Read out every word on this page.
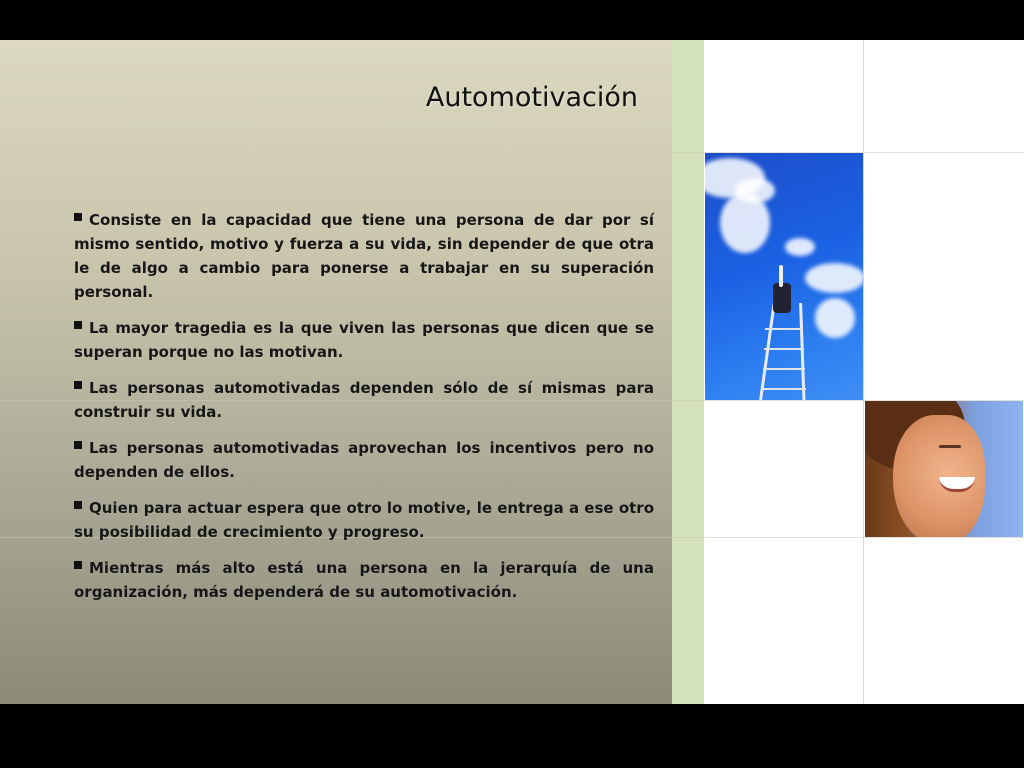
Automotivación
Consiste en la capacidad que tiene una persona de dar por sí mismo sentido, motivo y fuerza a su vida, sin depender de que otra le de algo a cambio para ponerse a trabajar en su superación personal.
La mayor tragedia es la que viven las personas que dicen que se superan porque no las motivan.
Las personas automotivadas dependen sólo de sí mismas para construir su vida.
Las personas automotivadas aprovechan los incentivos pero no dependen de ellos.
Quien para actuar espera que otro lo motive, le entrega a ese otro su posibilidad de crecimiento y progreso.
Mientras más alto está una persona en la jerarquía de una organización, más dependerá de su automotivación.
